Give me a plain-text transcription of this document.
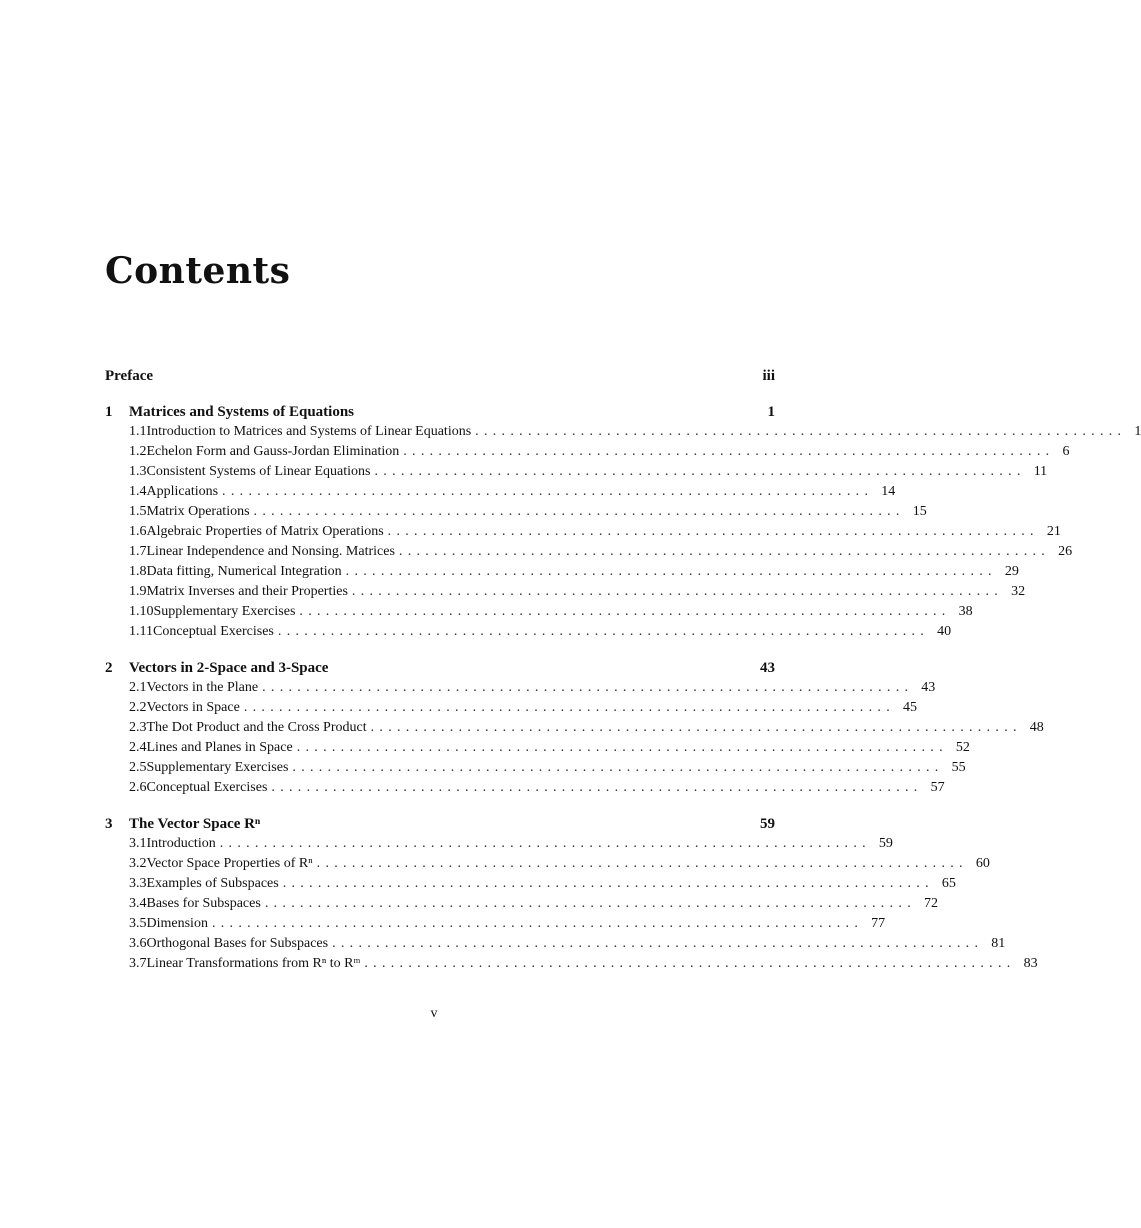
Contents
Preface	iii
1	Matrices and Systems of Equations	1
1.1 Introduction to Matrices and Systems of Linear Equations .......................................................................... 1
1.2 Echelon Form and Gauss-Jordan Elimination .......................................................................... 6
1.3 Consistent Systems of Linear Equations .......................................................................... 11
1.4 Applications .......................................................................... 14
1.5 Matrix Operations .......................................................................... 15
1.6 Algebraic Properties of Matrix Operations .......................................................................... 21
1.7 Linear Independence and Nonsing. Matrices .......................................................................... 26
1.8 Data fitting, Numerical Integration .......................................................................... 29
1.9 Matrix Inverses and their Properties .......................................................................... 32
1.10 Supplementary Exercises .......................................................................... 38
1.11 Conceptual Exercises .......................................................................... 40
2	Vectors in 2-Space and 3-Space	43
2.1 Vectors in the Plane .......................................................................... 43
2.2 Vectors in Space .......................................................................... 45
2.3 The Dot Product and the Cross Product .......................................................................... 48
2.4 Lines and Planes in Space .......................................................................... 52
2.5 Supplementary Exercises .......................................................................... 55
2.6 Conceptual Exercises .......................................................................... 57
3	The Vector Space Rⁿ	59
3.1 Introduction .......................................................................... 59
3.2 Vector Space Properties of Rⁿ .......................................................................... 60
3.3 Examples of Subspaces .......................................................................... 65
3.4 Bases for Subspaces .......................................................................... 72
3.5 Dimension .......................................................................... 77
3.6 Orthogonal Bases for Subspaces .......................................................................... 81
3.7 Linear Transformations from Rⁿ to Rᵐ .......................................................................... 83
v
